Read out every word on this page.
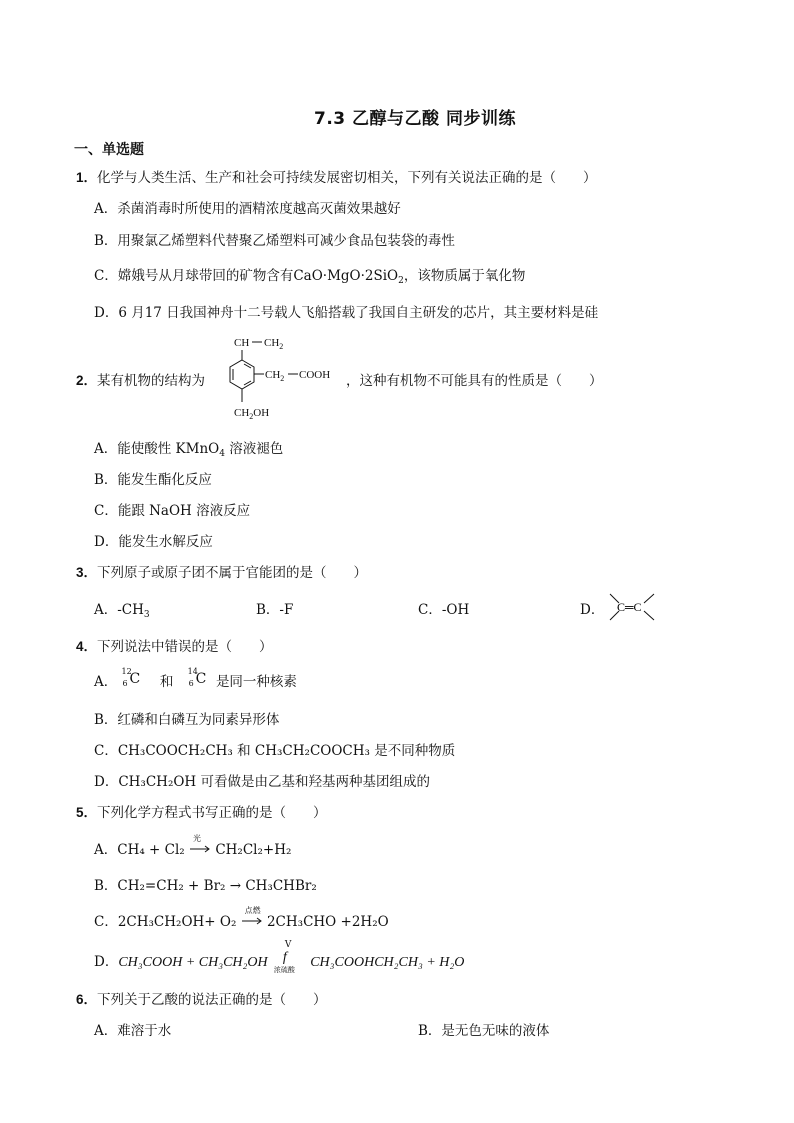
7.3 乙醇与乙酸 同步训练
一、单选题
1．化学与人类生活、生产和社会可持续发展密切相关，下列有关说法正确的是（　　）
A．杀菌消毒时所使用的酒精浓度越高灭菌效果越好
B．用聚氯乙烯塑料代替聚乙烯塑料可减少食品包装袋的毒性
C．嫦娥号从月球带回的矿物含有CaO·MgO·2SiO$_2$，该物质属于氧化物
D．6 月17 日我国神舟十二号载人飞船搭载了我国自主研发的芯片，其主要材料是硅
2．某有机物的结构为
CH $CH_2$
$CH_2$ COOH
$CH_2OH$
，这种有机物不可能具有的性质是（　　）
A．能使酸性 KMnO$_4$ 溶液褪色
B．能发生酯化反应
C．能跟 NaOH 溶液反应
D．能发生水解反应
3．下列原子或原子团不属于官能团的是（　　）
A．$-CH_3$	B．-F	C．-OH	D． C═C
4．下列说法中错误的是（　　）
A．
12
6 C 和
14
6 C 是同一种核素
B．红磷和白磷互为同素异形体
C．CH₃COOCH₂CH₃ 和 CH₃CH₂COOCH₃ 是不同种物质
D．CH₃CH₂OH 可看做是由乙基和羟基两种基团组成的
5．下列化学方程式书写正确的是（　　）
A．CH₄ + Cl₂
光
CH₂Cl₂+H₂
B．CH₂=CH₂ + Br₂ → CH₃CHBr₂
C．2CH₃CH₂OH+ O₂
点燃
2CH₃CHO +2H₂O
D．CH₃COOH + CH₃CH₂OH
V
f
浓硫酸 CH₃COOHCH₂CH₃ + H₂O
6．下列关于乙酸的说法正确的是（　　）
A．难溶于水	B．是无色无味的液体
